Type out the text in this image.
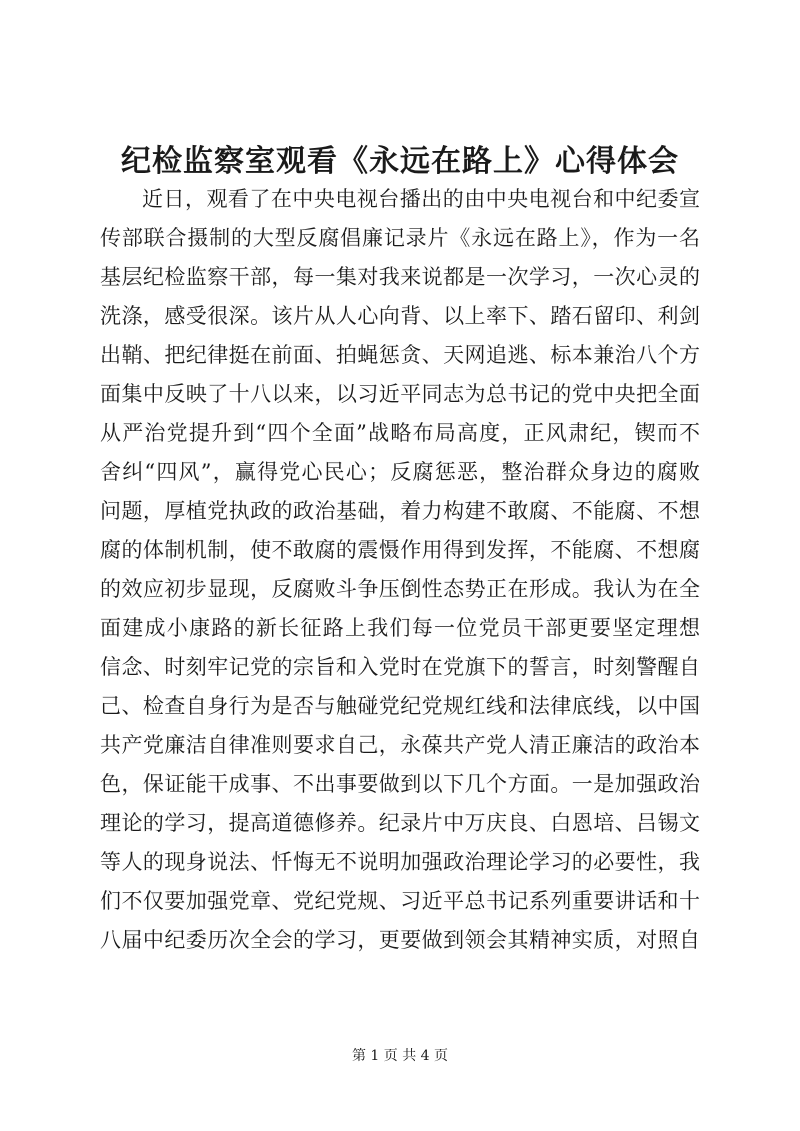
纪检监察室观看《永远在路上》心得体会
近日，观看了在中央电视台播出的由中央电视台和中纪委宣
传部联合摄制的大型反腐倡廉记录片《永远在路上》，作为一名
基层纪检监察干部，每一集对我来说都是一次学习，一次心灵的
洗涤，感受很深。该片从人心向背、以上率下、踏石留印、利剑
出鞘、把纪律挺在前面、拍蝇惩贪、天网追逃、标本兼治八个方
面集中反映了十八以来，以习近平同志为总书记的党中央把全面
从严治党提升到“四个全面”战略布局高度，正风肃纪，锲而不
舍纠“四风”，赢得党心民心；反腐惩恶，整治群众身边的腐败
问题，厚植党执政的政治基础，着力构建不敢腐、不能腐、不想
腐的体制机制，使不敢腐的震慑作用得到发挥，不能腐、不想腐
的效应初步显现，反腐败斗争压倒性态势正在形成。我认为在全
面建成小康路的新长征路上我们每一位党员干部更要坚定理想
信念、时刻牢记党的宗旨和入党时在党旗下的誓言，时刻警醒自
己、检查自身行为是否与触碰党纪党规红线和法律底线，以中国
共产党廉洁自律准则要求自己，永葆共产党人清正廉洁的政治本
色，保证能干成事、不出事要做到以下几个方面。一是加强政治
理论的学习，提高道德修养。纪录片中万庆良、白恩培、吕锡文
等人的现身说法、忏悔无不说明加强政治理论学习的必要性，我
们不仅要加强党章、党纪党规、习近平总书记系列重要讲话和十
八届中纪委历次全会的学习，更要做到领会其精神实质，对照自
第 1 页 共 4 页
